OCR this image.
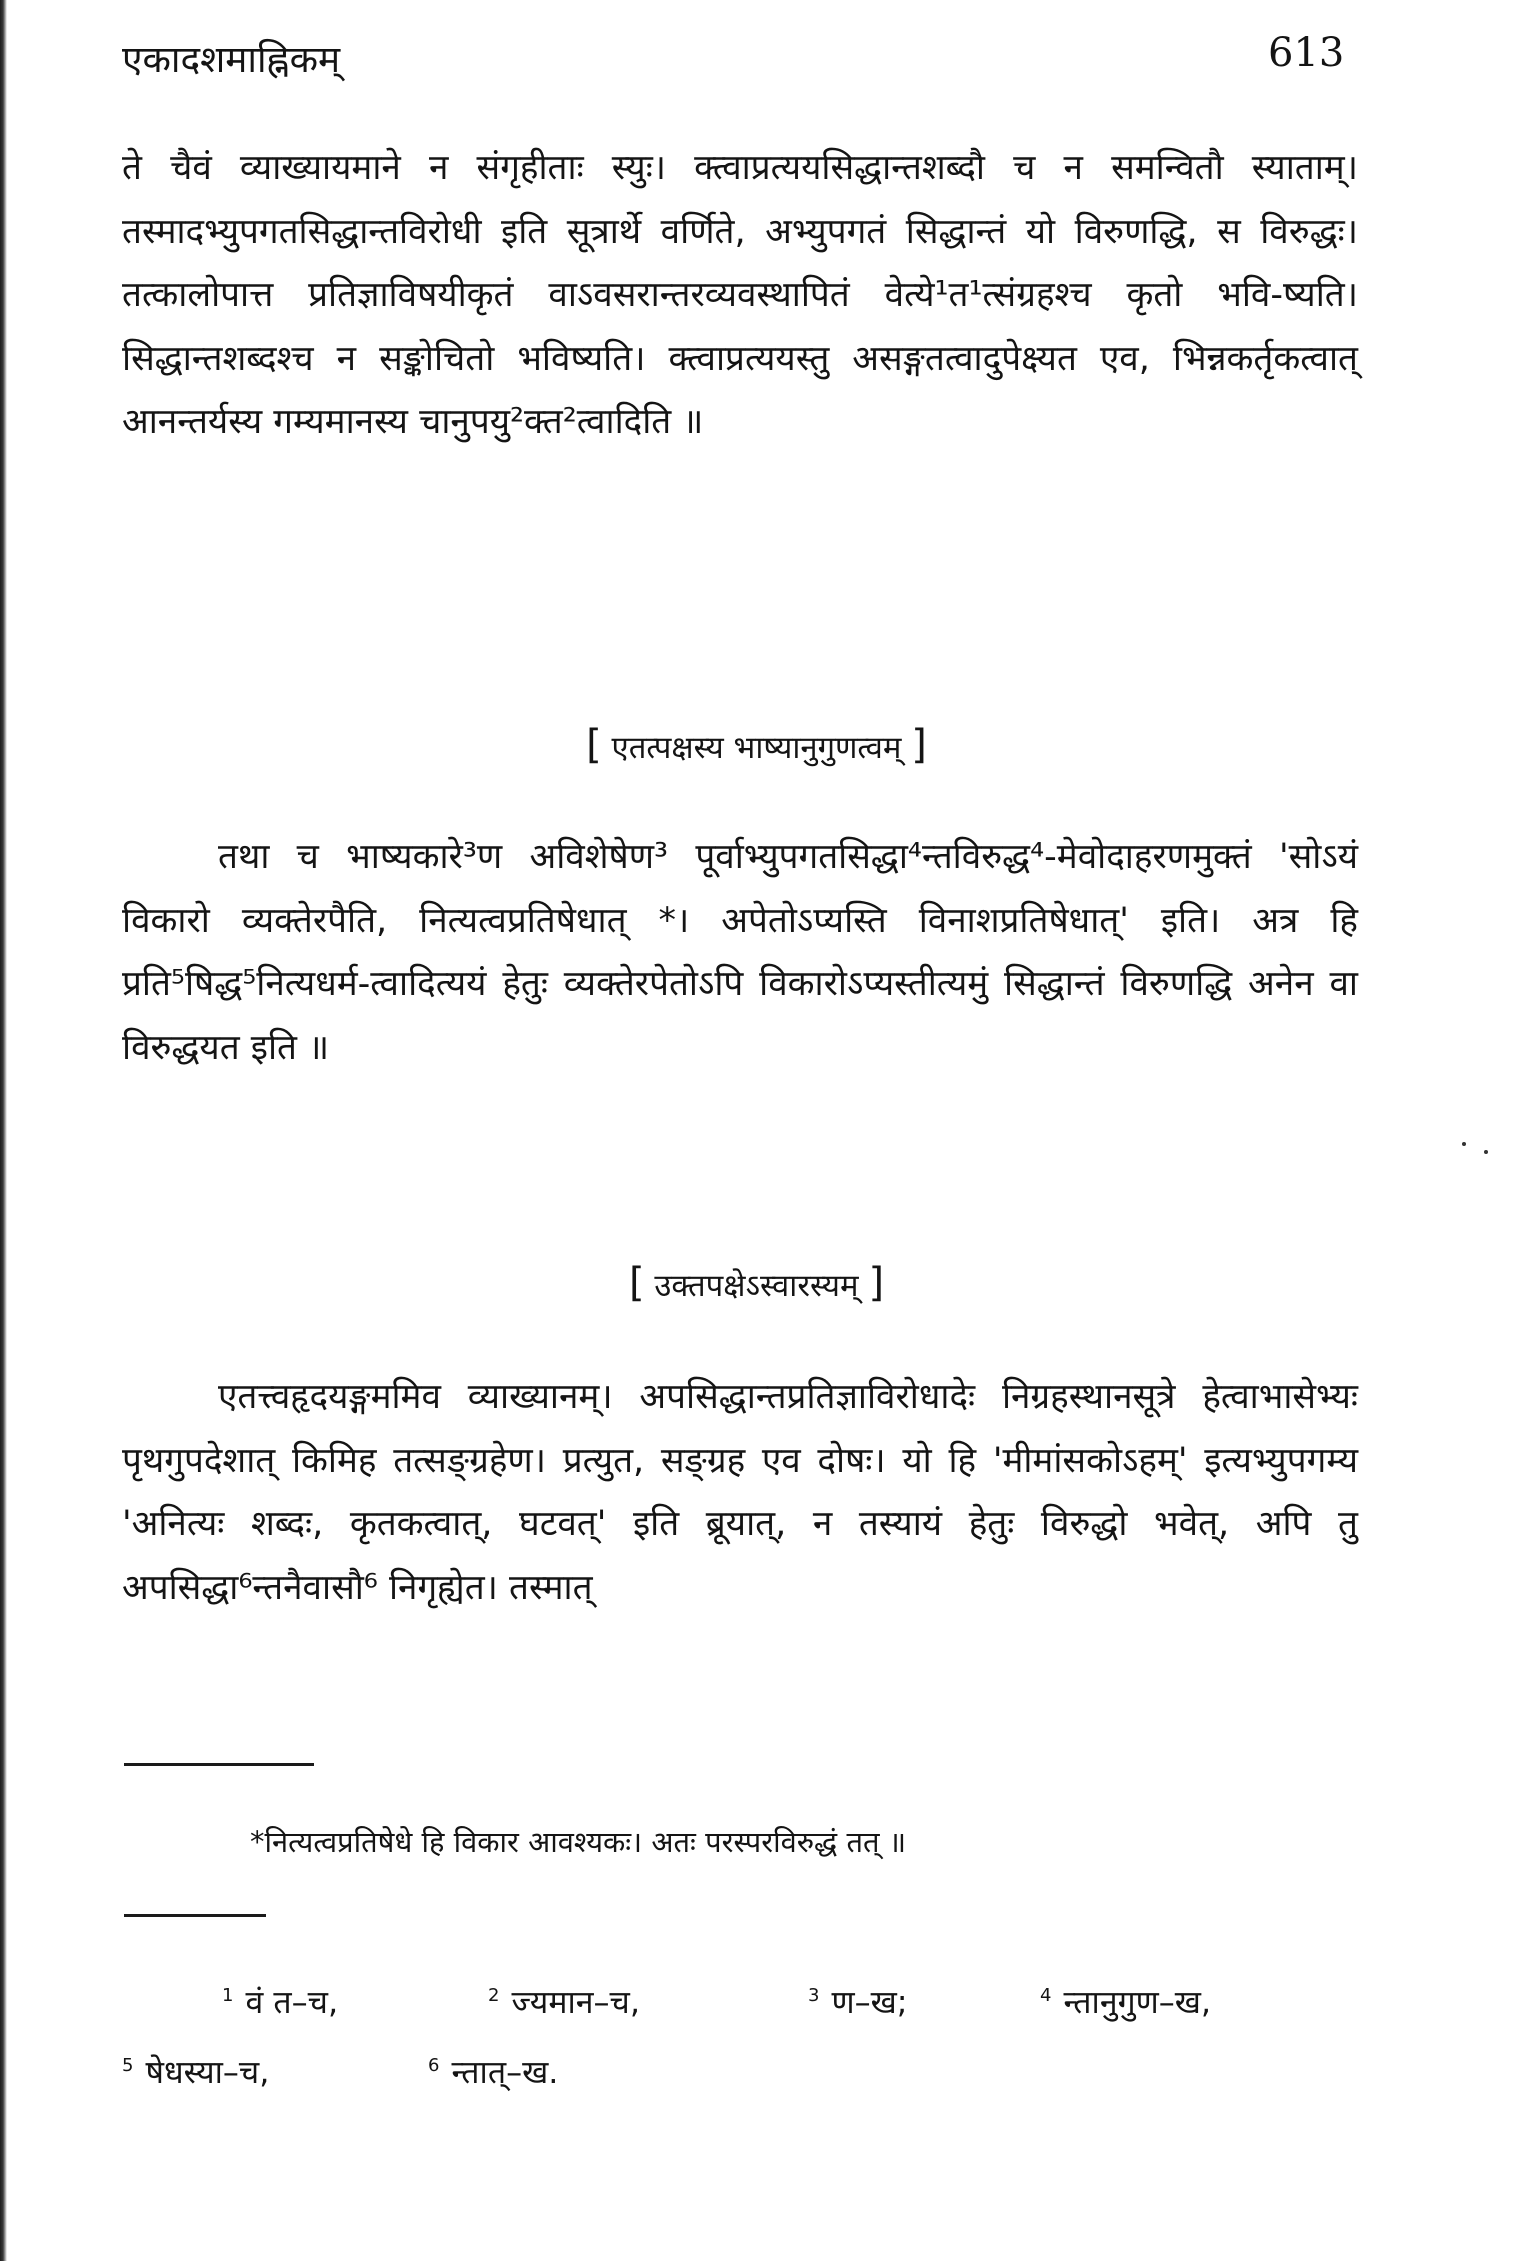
एकादशमाह्निकम्	613

ते चैवं व्याख्यायमाने न संगृहीताः स्युः। क्त्वाप्रत्ययसिद्धान्तशब्दौ च न समन्वितौ स्याताम्। तस्मादभ्युपगतसिद्धान्तविरोधी इति सूत्रार्थे वर्णिते, अभ्युपगतं सिद्धान्तं यो विरुणद्धि, स विरुद्धः। तत्कालोपात्त प्रतिज्ञाविषयीकृतं वाऽवसरान्तरव्यवस्थापितं वेत्ये¹त¹त्संग्रहश्च कृतो भवि-ष्यति। सिद्धान्तशब्दश्च न सङ्कोचितो भविष्यति। क्त्वाप्रत्ययस्तु असङ्गतत्वादुपेक्ष्यत एव, भिन्नकर्तृकत्वात् आनन्तर्यस्य गम्यमानस्य चानुपयु²क्त²त्वादिति ॥

[ एतत्पक्षस्य भाष्यानुगुणत्वम् ]

तथा च भाष्यकारे³ण अविशेषेण³ पूर्वाभ्युपगतसिद्धा⁴न्तविरुद्ध⁴-मेवोदाहरणमुक्तं 'सोऽयं विकारो व्यक्तेरपैति, नित्यत्वप्रतिषेधात् *। अपेतोऽप्यस्ति विनाशप्रतिषेधात्' इति। अत्र हि प्रति⁵षिद्ध⁵नित्यधर्म-त्वादित्ययं हेतुः व्यक्तेरपेतोऽपि विकारोऽप्यस्तीत्यमुं सिद्धान्तं विरुणद्धि अनेन वा विरुद्धयत इति ॥

[ उक्तपक्षेऽस्वारस्यम् ]

एतत्त्वहृदयङ्गममिव व्याख्यानम्। अपसिद्धान्तप्रतिज्ञाविरोधादेः निग्रहस्थानसूत्रे हेत्वाभासेभ्यः पृथगुपदेशात् किमिह तत्सङ्ग्रहेण। प्रत्युत, सङ्ग्रह एव दोषः। यो हि 'मीमांसकोऽहम्' इत्यभ्युपगम्य 'अनित्यः शब्दः, कृतकत्वात्, घटवत्' इति ब्रूयात्, न तस्यायं हेतुः विरुद्धो भवेत्, अपि तु अपसिद्धा⁶न्तनैवासौ⁶ निगृह्येत। तस्मात्

*नित्यत्वप्रतिषेधे हि विकार आवश्यकः। अतः परस्परविरुद्धं तत् ॥
$^1$ वं त–च,	$^2$ ज्यमान–च,	$^3$ ण–ख;	$^4$ न्तानुगुण–ख,
$^5$ षेधस्या–च,	$^6$ न्तात्–ख.
